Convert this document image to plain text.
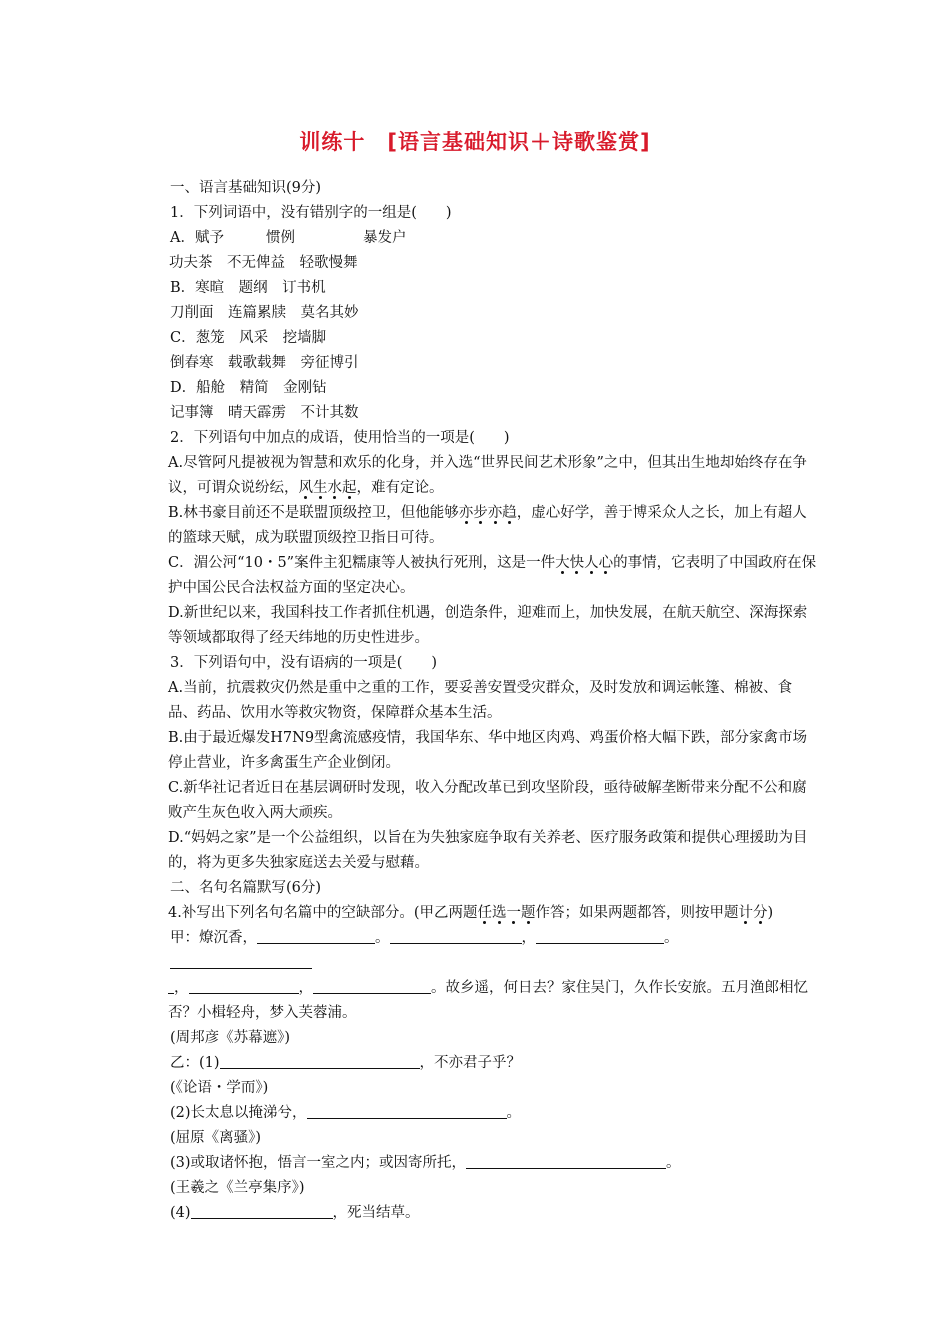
训练十　[语言基础知识＋诗歌鉴赏]

一、语言基础知识(9分)

1．下列词语中，没有错别字的一组是(　　)

A．赋予	惯例	暴发户

功夫茶　不无俾益　轻歌慢舞

B．寒暄　题纲　订书机

刀削面　连篇累牍　莫名其妙

C．葱笼　风采　挖墙脚

倒春寒　载歌载舞　旁征博引

D．船舱　精简　金刚钻

记事簿　晴天霹雳　不计其数

2．下列语句中加点的成语，使用恰当的一项是(　　)

A.尽管阿凡提被视为智慧和欢乐的化身，并入选“世界民间艺术形象”之中，但其出生地却始终存在争议，可谓众说纷纭，风生水起，难有定论。

B.林书豪目前还不是联盟顶级控卫，但他能够亦步亦趋，虚心好学，善于博采众人之长，加上有超人的篮球天赋，成为联盟顶级控卫指日可待。

C．湄公河“10・5”案件主犯糯康等人被执行死刑，这是一件大快人心的事情，它表明了中国政府在保护中国公民合法权益方面的坚定决心。

D.新世纪以来，我国科技工作者抓住机遇，创造条件，迎难而上，加快发展，在航天航空、深海探索等领域都取得了经天纬地的历史性进步。

3．下列语句中，没有语病的一项是(　　)

A.当前，抗震救灾仍然是重中之重的工作，要妥善安置受灾群众，及时发放和调运帐篷、棉被、食品、药品、饮用水等救灾物资，保障群众基本生活。

B.由于最近爆发H7N9型禽流感疫情，我国华东、华中地区肉鸡、鸡蛋价格大幅下跌，部分家禽市场停止营业，许多禽蛋生产企业倒闭。

C.新华社记者近日在基层调研时发现，收入分配改革已到攻坚阶段，亟待破解垄断带来分配不公和腐败产生灰色收入两大顽疾。

D.“妈妈之家”是一个公益组织，以旨在为失独家庭争取有关养老、医疗服务政策和提供心理援助为目的，将为更多失独家庭送去关爱与慰藉。

二、名句名篇默写(6分)

4.补写出下列名句名篇中的空缺部分。(甲乙两题任选一题作答；如果两题都答，则按甲题计分)

甲：燎沉香，	。	，	。

，	，	。故乡遥，何日去？家住吴门，久作长安旅。五月渔郎相忆否？小楫轻舟，梦入芙蓉浦。

(周邦彦《苏幕遮》)

乙：(1)	，不亦君子乎？

(《论语・学而》)

(2)长太息以掩涕兮，	。

(屈原《离骚》)

(3)或取诸怀抱，悟言一室之内；或因寄所托，	。

(王羲之《兰亭集序》)

(4)	，死当结草。
